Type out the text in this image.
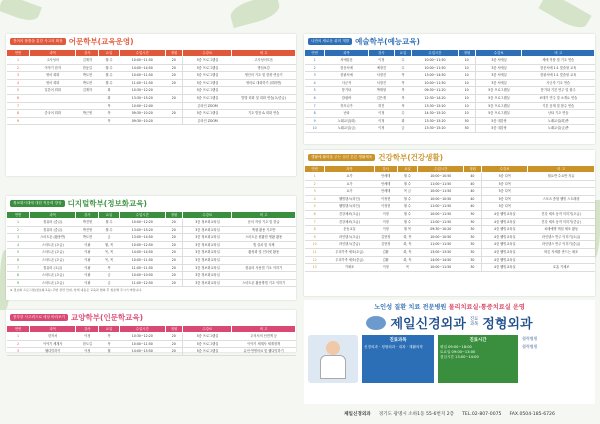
전어의 품틀을 통한 사고의 확장 어문학부(교육운영)
연번	과목	강사	요일	수업시간	정원	수강료	비 고
1	고사성어	김계자	월 수	10:00~11:50	20	5층 프로그램실	고사성어모음
2	이야기 한자	한동길	월 수	14:00~14:50	20	5층 프로그램실	명심보감
3	영어 회화	박도현	월 수	10:00~11:50	20	5층 프로그램실	생인어 기초 및 한장 연습기
4	영어 회화	박도현	월 수	11:00~11:50	20	5층 프로그램실	영어로 대화하기 (회화반)
5	일본어 회화	김계자	화	10:30~12:20		5층 프로그램실	
6			화	13:30~15:20	20	5층 프로그램실	발말 회화 및 회화 연습(초/중급)
7			목	10:00~12:00		온라인 ZOOM	
8	중국어 회화	박근영	목	09:30~10:20	20	5층 프로그램실	기초 발음 & 회화 연습
9			목	09:30~10:20		온라인 ZOOM	
정보화시대에 대한 적응력 향상 디지털학부(정보화교육)
연번	과목	강사	요일	수업시간	정원	수강료	비 고
1	컴퓨터 (중급)	박진영	월 수	10:00~12:20	20	3층 정보화교육실	문서 작성 기초 및 한글
2	컴퓨터 (중급)	박진영	월 수	13:00~15:20	20	3층 정보화교육실	엑셀 활용 기초반
3	스마트폰 (활용반)	박도현	금	13:00~14:50	20	3층 정보화교육실	스마트폰 원활한 생활 활용
4	스마트폰 (초급)	이광	월, 목	10:00~12:50	20	3층 정보화교육실	앱 설치 및 삭제
5	스마트폰 (초급)	이광	목, 목	14:00~14:50	20	3층 정보화교육실	활성화 및 인터넷 활용
6	스마트폰 (초급)	이광	목, 목	10:00~11:50	20	3층 정보화교육실	
7	컴퓨터 (초급)	이광	목	11:00~11:50	20	3층 정보화교육실	컴퓨터 사용법 기초 익히기
8	스마트폰 (초급)	이광	금	10:00~10:50	20	3층 정보화교육실	
9	스마트폰 (초급)	이광	금	11:00~12:50	20	3층 정보화교육실	스마트폰 활용방법 기초 익히기
※ 정보화 프로그램(정보화교육) 주변 관련 안내, 상세 내용은 교육과 협의 후 참조해 주시기 바랍니다.
풍부한 사고력으로 세상 바라보기 교양학부(인문학교육)
연번	과목	강사	요일	수업시간	정원	수강료	비 고
1	한자서	이정	목	10:30~12:20	20	5층 프로그램실	우의서의 선현책 등
2	이야기 세계사	한도길	목	10:00~11:50	20	5층 프로그램실	이야기 세계사 세계정책
3	웰다잉하기	이정	월	14:00~15:50	20	5층 프로그램실	유언·연명의료 및 웰다잉하기
나만의 새로운 취미 개발 예술학부(예능교육)
연번	과목	강사	요일	수업시간	정원	수강료	비 고
1	서예입문	이정	수	10:00~11:50	10	3층 서예실	세에 작품 및 기초 연습
2	한문서예	예정진	수	10:00~11:50	10	3층 서예실	한문서예 1:1 맞춤형 교육
3	한판서예	서정진	목	13:00~14:50	10	3층 서예실	한판서예 1:1 맞춤형 교육
4	사군자	서정진	목	10:00~11:50	10	3층 서예실	사군자 기초 연습
5	통기타	박재형	목	09:30~11:20	10	5층 프로그램실	통기타 기본 연주 및 합주
6	칼림바	김은계	목	12:30~14:20	10	5층 프로그램실	보태기 연주 및 소개요 연습
7	하모니카	허진	목	13:30~15:20	10	5층 프로그램실	기본 음계 및 합주 연습
8	난타	이정	수	14:30~15:20	10	5층 프로그램실	난타 기초 연습
9	노래교실(화)	이정	화	13:30~15:20	50	5층 대강당	노래교실(화)반
10	노래교실(금)	이정	금	13:30~15:20	50	5층 대강당	노래교실(금)반
생활에 활력을 주는 심신 튼튼 생활체육 건강학부(건강생활)
연번	과목	강사	요일	수업시간	정원	수강료	비 고
1	요가	안세태	월 수	10:00~10:50	40	5층 다목	월요반 수요반 자유
2	요가	안세태	월 수	11:00~11:50	40	5층 다목	
3	요가	안세태	목 금	10:00~11:50	40	5층 다목	
4	웰빙댄스(라인)	이정현	월 수	10:00~10:50	40	5층 다목	스포츠 종합 웰빙 스트레칭
5	웰빙댄스(라인)	이정현	월 수	11:00~11:50	40	5층 다목	
6	건강체조(초급)	이정	월 수	10:00~11:50	30	4층 웰빙교육실	건강 체조 동작 익히기(초급)
7	건강체조(초급)	이정	월 수	11:00~11:50	30	4층 웰빙교육실	건강 체조 동작 익히기(중급)
8	운동교실	이정	월 목	09:30~10:20	30	4층 웰빙교육실	치매예방 게임 체조 활동
9	라인댄스(초급)	김현정	화, 목	10:00~10:50	30	4층 웰빙교육실	라인댄스 반주 익히기(초급)
10	라인댄스(중급)	김현정	화, 목	11:00~11:50	30	4층 웰빙교육실	라인댄스 반주 익히기(중급)
11	우리가족 체조(초급)	김환	화, 목	13:00~13:50	30	4층 웰빙교육실	바른 자세를 만드는 체조
12	우리가족 체조(중급)	김환	화, 목	14:00~14:50	30	4층 웰빙교육실	
13	기체조	이정	목	10:00~11:50	30	4층 웰빙교육실	호흡 기체조
노인성 질환 치료 전문병원 물리치료실·통증치료실 운영
제일신경외과 진료
과목 정형외과
진료과목
신경외과 · 정형외과 · 내과 · 재활의학
진료시간
평일 09:00~18:00
토요일 09:00~13:00
점심시간 13:00~14:00
협력병원
협력병원
제일신경외과 경기도 광명시 소하1동 55-6번지 2층 TEL.02-807-0075 FAX.0504-185-6726
